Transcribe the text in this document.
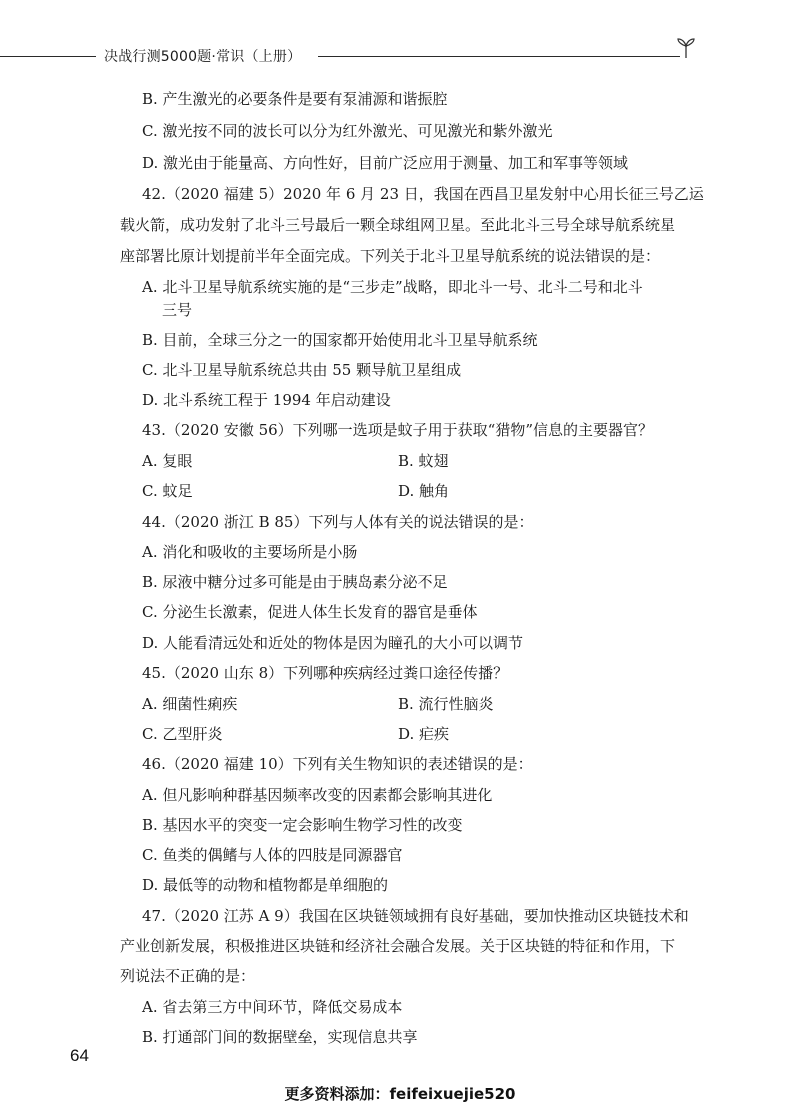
决战行测5000题·常识（上册）
B. 产生激光的必要条件是要有泵浦源和谐振腔
C. 激光按不同的波长可以分为红外激光、可见激光和紫外激光
D. 激光由于能量高、方向性好，目前广泛应用于测量、加工和军事等领域
42.（2020 福建 5）2020 年 6 月 23 日，我国在西昌卫星发射中心用长征三号乙运
载火箭，成功发射了北斗三号最后一颗全球组网卫星。至此北斗三号全球导航系统星
座部署比原计划提前半年全面完成。下列关于北斗卫星导航系统的说法错误的是：
A. 北斗卫星导航系统实施的是“三步走”战略，即北斗一号、北斗二号和北斗
三号
B. 目前，全球三分之一的国家都开始使用北斗卫星导航系统
C. 北斗卫星导航系统总共由 55 颗导航卫星组成
D. 北斗系统工程于 1994 年启动建设
43.（2020 安徽 56）下列哪一选项是蚊子用于获取“猎物”信息的主要器官？
A. 复眼	B. 蚊翅
C. 蚊足	D. 触角
44.（2020 浙江 B 85）下列与人体有关的说法错误的是：
A. 消化和吸收的主要场所是小肠
B. 尿液中糖分过多可能是由于胰岛素分泌不足
C. 分泌生长激素，促进人体生长发育的器官是垂体
D. 人能看清远处和近处的物体是因为瞳孔的大小可以调节
45.（2020 山东 8）下列哪种疾病经过粪口途径传播？
A. 细菌性痢疾	B. 流行性脑炎
C. 乙型肝炎	D. 疟疾
46.（2020 福建 10）下列有关生物知识的表述错误的是：
A. 但凡影响种群基因频率改变的因素都会影响其进化
B. 基因水平的突变一定会影响生物学习性的改变
C. 鱼类的偶鳍与人体的四肢是同源器官
D. 最低等的动物和植物都是单细胞的
47.（2020 江苏 A 9）我国在区块链领域拥有良好基础，要加快推动区块链技术和
产业创新发展，积极推进区块链和经济社会融合发展。关于区块链的特征和作用，下
列说法不正确的是：
A. 省去第三方中间环节，降低交易成本
B. 打通部门间的数据壁垒，实现信息共享
64
更多资料添加：feifeixuejie520
